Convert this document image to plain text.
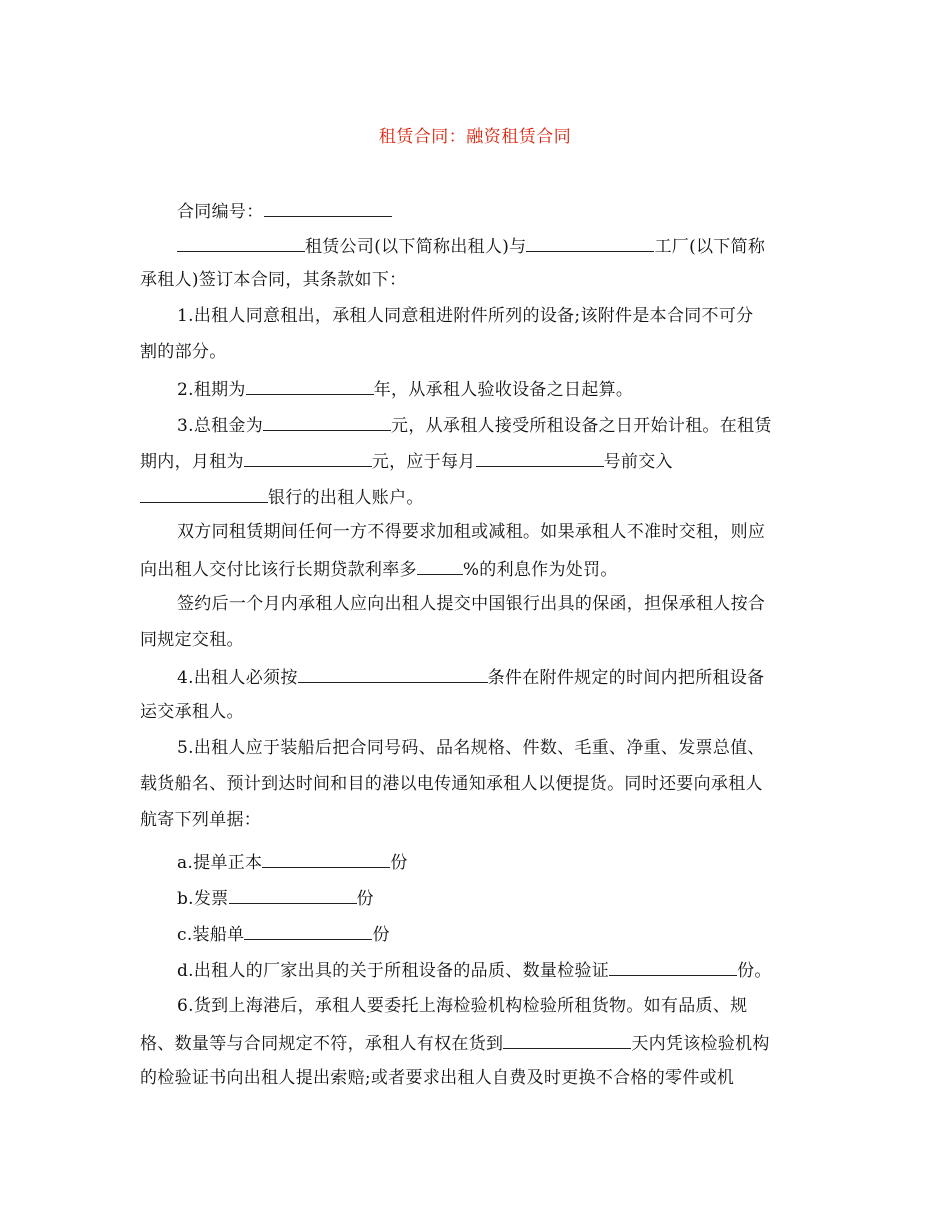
租赁合同：融资租赁合同
合同编号：
租赁公司(以下简称出租人)与	工厂(以下简称
承租人)签订本合同，其条款如下：
1.出租人同意租出，承租人同意租进附件所列的设备;该附件是本合同不可分
割的部分。
2.租期为	年，从承租人验收设备之日起算。
3.总租金为	元，从承租人接受所租设备之日开始计租。在租赁
期内，月租为	元，应于每月	号前交入
银行的出租人账户。
双方同租赁期间任何一方不得要求加租或减租。如果承租人不准时交租，则应
向出租人交付比该行长期贷款利率多	%的利息作为处罚。
签约后一个月内承租人应向出租人提交中国银行出具的保函，担保承租人按合
同规定交租。
4.出租人必须按	条件在附件规定的时间内把所租设备
运交承租人。
5.出租人应于装船后把合同号码、品名规格、件数、毛重、净重、发票总值、
载货船名、预计到达时间和目的港以电传通知承租人以便提货。同时还要向承租人
航寄下列单据：
a.提单正本	份
b.发票	份
c.装船单	份
d.出租人的厂家出具的关于所租设备的品质、数量检验证	份。
6.货到上海港后，承租人要委托上海检验机构检验所租货物。如有品质、规
格、数量等与合同规定不符，承租人有权在货到	天内凭该检验机构
的检验证书向出租人提出索赔;或者要求出租人自费及时更换不合格的零件或机
